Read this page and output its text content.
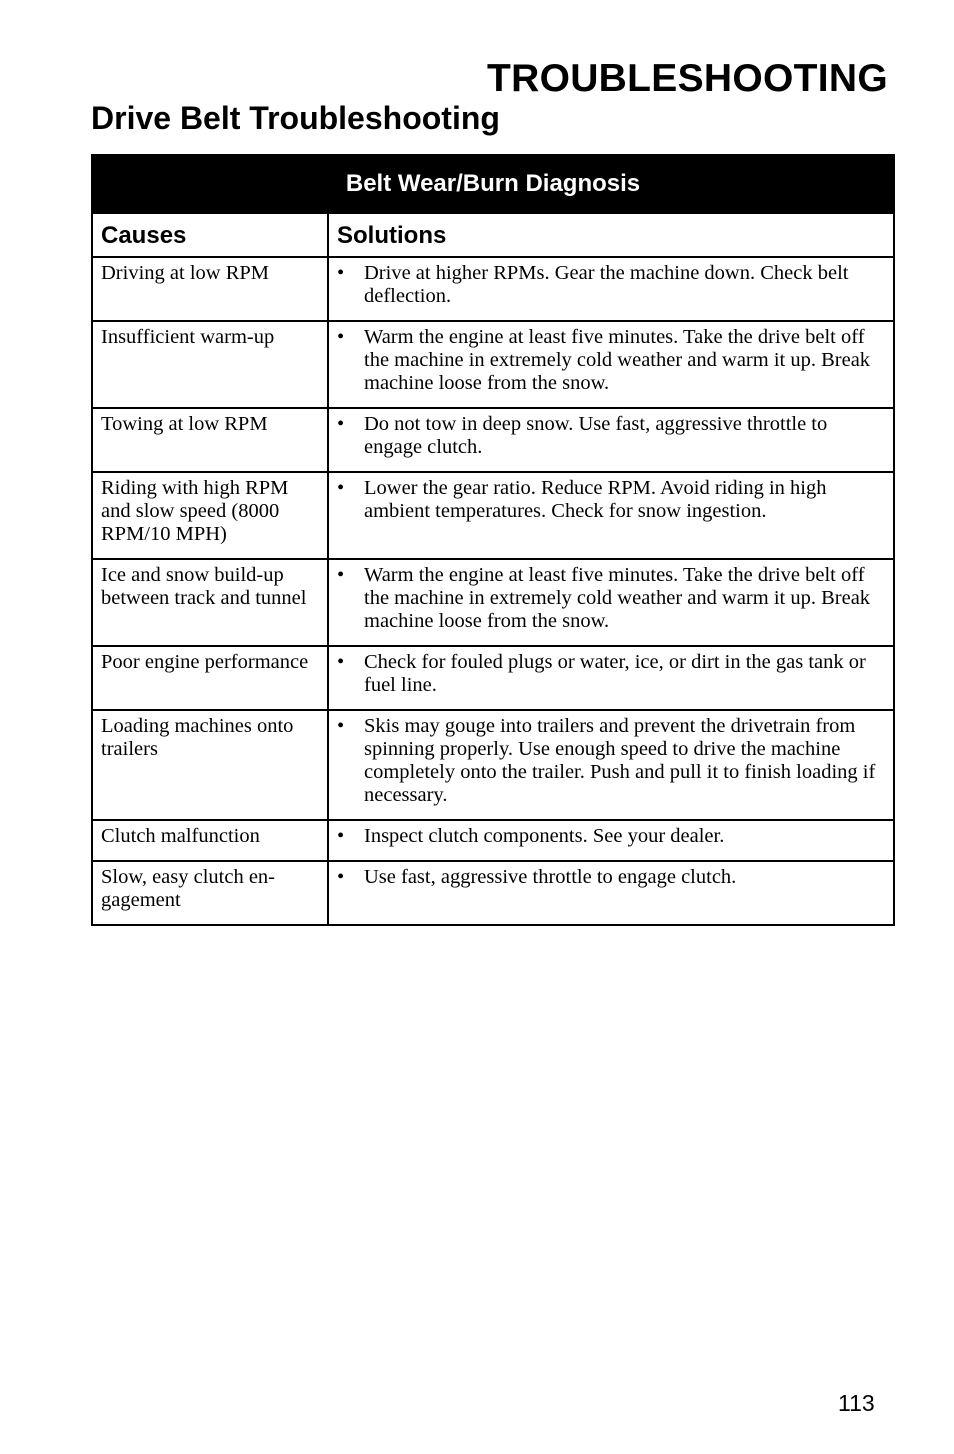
TROUBLESHOOTING
Drive Belt Troubleshooting
Belt Wear/Burn Diagnosis	
Causes	Solutions
Driving at low RPM	• Drive at higher RPMs. Gear the machine down. Check belt deflection.

Insufficient warm-up	• Warm the engine at least five minutes. Take the drive belt off the machine in extremely cold weather and warm it up. Break machine loose from the snow.

Towing at low RPM	• Do not tow in deep snow. Use fast, aggressive throttle to engage clutch.

Riding with high RPM and slow speed (8000 RPM/10 MPH)	• Lower the gear ratio. Reduce RPM. Avoid riding in high ambient temperatures. Check for snow ingestion.

Ice and snow build-up between track and tunnel	• Warm the engine at least five minutes. Take the drive belt off the machine in extremely cold weather and warm it up. Break machine loose from the snow.

Poor engine performance	• Check for fouled plugs or water, ice, or dirt in the gas tank or fuel line.

Loading machines onto trailers	• Skis may gouge into trailers and prevent the drivetrain from spinning properly. Use enough speed to drive the machine completely onto the trailer. Push and pull it to finish loading if necessary.

Clutch malfunction	• Inspect clutch components. See your dealer.

Slow, easy clutch en-gagement	• Use fast, aggressive throttle to engage clutch.
113
